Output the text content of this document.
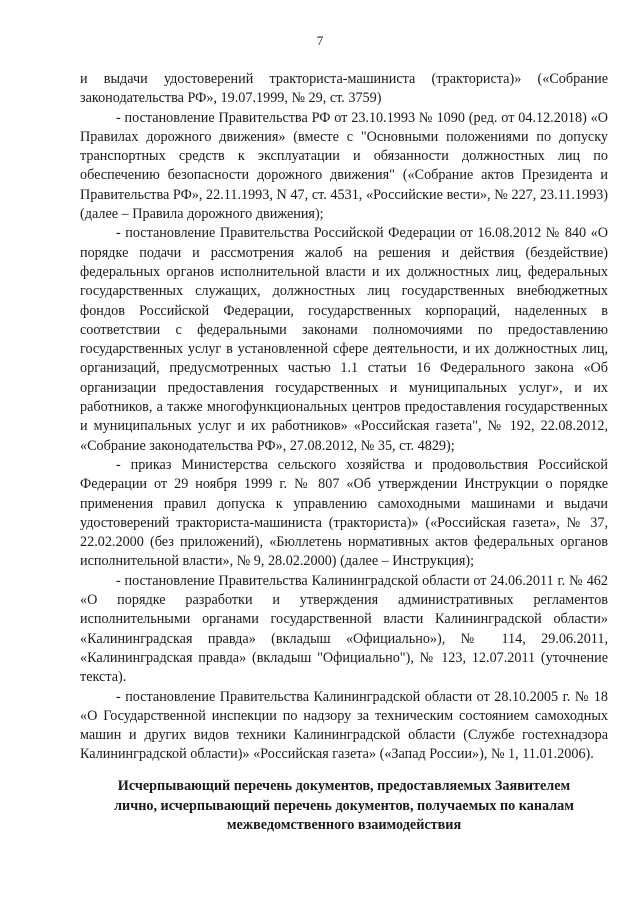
7

и выдачи удостоверений тракториста-машиниста (тракториста)» («Собрание законодательства РФ», 19.07.1999, № 29, ст. 3759)

- постановление Правительства РФ от 23.10.1993 № 1090 (ред. от 04.12.2018) «О Правилах дорожного движения» (вместе с "Основными положениями по допуску транспортных средств к эксплуатации и обязанности должностных лиц по обеспечению безопасности дорожного движения" («Собрание актов Президента и Правительства РФ», 22.11.1993, N 47, ст. 4531, «Российские вести», № 227, 23.11.1993) (далее – Правила дорожного движения);

- постановление Правительства Российской Федерации от 16.08.2012 № 840 «О порядке подачи и рассмотрения жалоб на решения и действия (бездействие) федеральных органов исполнительной власти и их должностных лиц, федеральных государственных служащих, должностных лиц государственных внебюджетных фондов Российской Федерации, государственных корпораций, наделенных в соответствии с федеральными законами полномочиями по предоставлению государственных услуг в установленной сфере деятельности, и их должностных лиц, организаций, предусмотренных частью 1.1 статьи 16 Федерального закона «Об организации предоставления государственных и муниципальных услуг», и их работников, а также многофункциональных центров предоставления государственных и муниципальных услуг и их работников» «Российская газета", № 192, 22.08.2012, «Собрание законодательства РФ», 27.08.2012, № 35, ст. 4829);

- приказ Министерства сельского хозяйства и продовольствия Российской Федерации от 29 ноября 1999 г. № 807 «Об утверждении Инструкции о порядке применения правил допуска к управлению самоходными машинами и выдачи удостоверений тракториста-машиниста (тракториста)» («Российская газета», № 37, 22.02.2000 (без приложений), «Бюллетень нормативных актов федеральных органов исполнительной власти», № 9, 28.02.2000) (далее – Инструкция);

- постановление Правительства Калининградской области от 24.06.2011 г. № 462 «О порядке разработки и утверждения административных регламентов исполнительными органами государственной власти Калининградской области» «Калининградская правда» (вкладыш «Официально»), № 114, 29.06.2011, «Калининградская правда» (вкладыш "Официально"), № 123, 12.07.2011 (уточнение текста).

- постановление Правительства Калининградской области от 28.10.2005 г. № 18 «О Государственной инспекции по надзору за техническим состоянием самоходных машин и других видов техники Калининградской области (Службе гостехнадзора Калининградской области)» «Российская газета» («Запад России»), № 1, 11.01.2006).

Исчерпывающий перечень документов, предоставляемых Заявителем
лично, исчерпывающий перечень документов, получаемых по каналам
межведомственного взаимодействия
